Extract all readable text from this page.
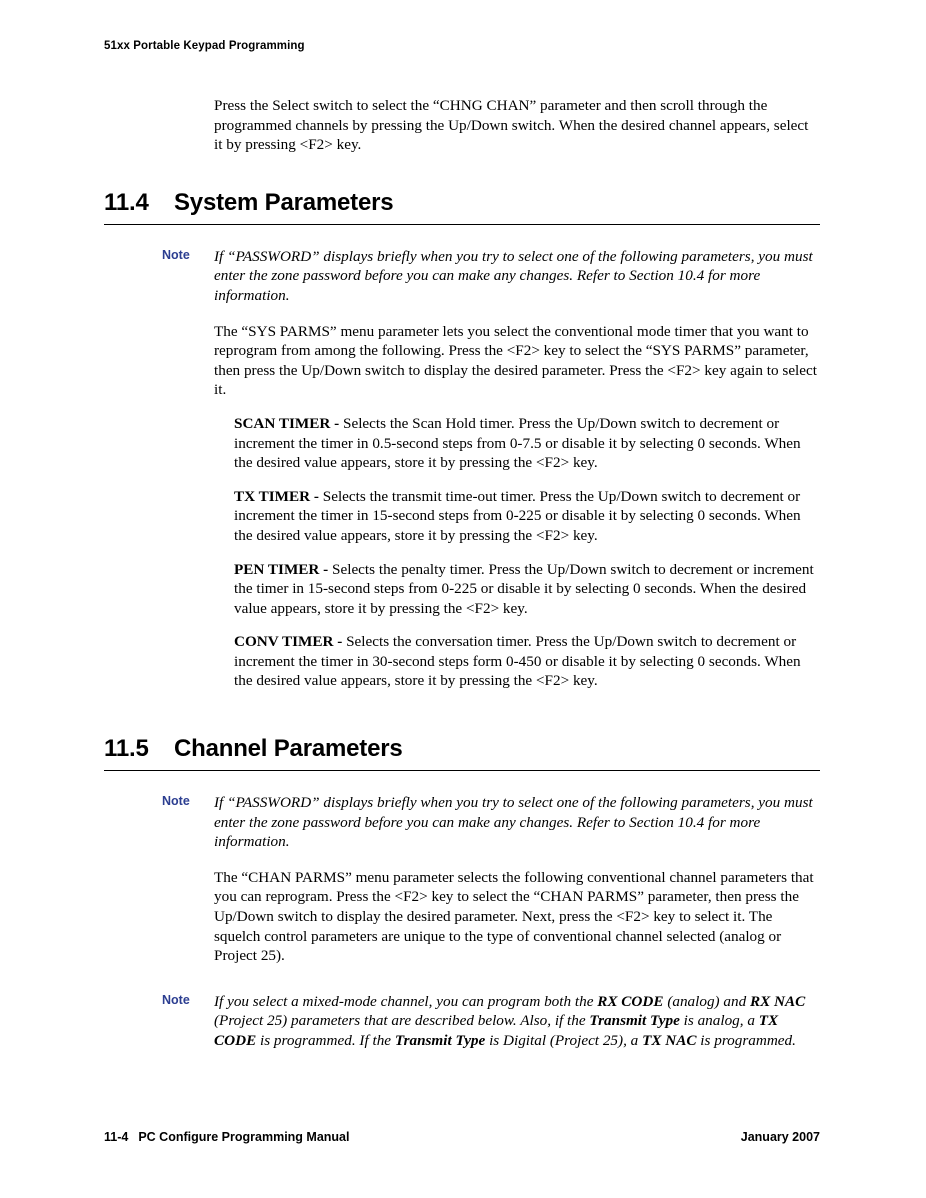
51xx Portable Keypad Programming

Press the Select switch to select the “CHNG CHAN” parameter and then scroll through the programmed channels by pressing the Up/Down switch. When the desired channel appears, select it by pressing <F2> key.

11.4	System Parameters
Note If “PASSWORD” displays briefly when you try to select one of the following parameters, you must enter the zone password before you can make any changes. Refer to Section 10.4 for more information.

The “SYS PARMS” menu parameter lets you select the conventional mode timer that you want to reprogram from among the following. Press the <F2> key to select the “SYS PARMS” parameter, then press the Up/Down switch to display the desired parameter. Press the <F2> key again to select it.

SCAN TIMER - Selects the Scan Hold timer. Press the Up/Down switch to decrement or increment the timer in 0.5-second steps from 0-7.5 or disable it by selecting 0 seconds. When the desired value appears, store it by pressing the <F2> key.
TX TIMER - Selects the transmit time-out timer. Press the Up/Down switch to decrement or increment the timer in 15-second steps from 0-225 or disable it by selecting 0 seconds. When the desired value appears, store it by pressing the <F2> key.
PEN TIMER - Selects the penalty timer. Press the Up/Down switch to decrement or increment the timer in 15-second steps from 0-225 or disable it by selecting 0 seconds. When the desired value appears, store it by pressing the <F2> key.
CONV TIMER - Selects the conversation timer. Press the Up/Down switch to decrement or increment the timer in 30-second steps form 0-450 or disable it by selecting 0 seconds. When the desired value appears, store it by pressing the <F2> key.
11.5	Channel Parameters
Note If “PASSWORD” displays briefly when you try to select one of the following parameters, you must enter the zone password before you can make any changes. Refer to Section 10.4 for more information.

The “CHAN PARMS” menu parameter selects the following conventional channel parameters that you can reprogram. Press the <F2> key to select the “CHAN PARMS” parameter, then press the Up/Down switch to display the desired parameter. Next, press the <F2> key to select it. The squelch control parameters are unique to the type of conventional channel selected (analog or Project 25).

Note If you select a mixed-mode channel, you can program both the RX CODE (analog) and RX NAC (Project 25) parameters that are described below. Also, if the Transmit Type is analog, a TX CODE is programmed. If the Transmit Type is Digital (Project 25), a TX NAC is programmed.
11-4 PC Configure Programming Manual	January 2007
